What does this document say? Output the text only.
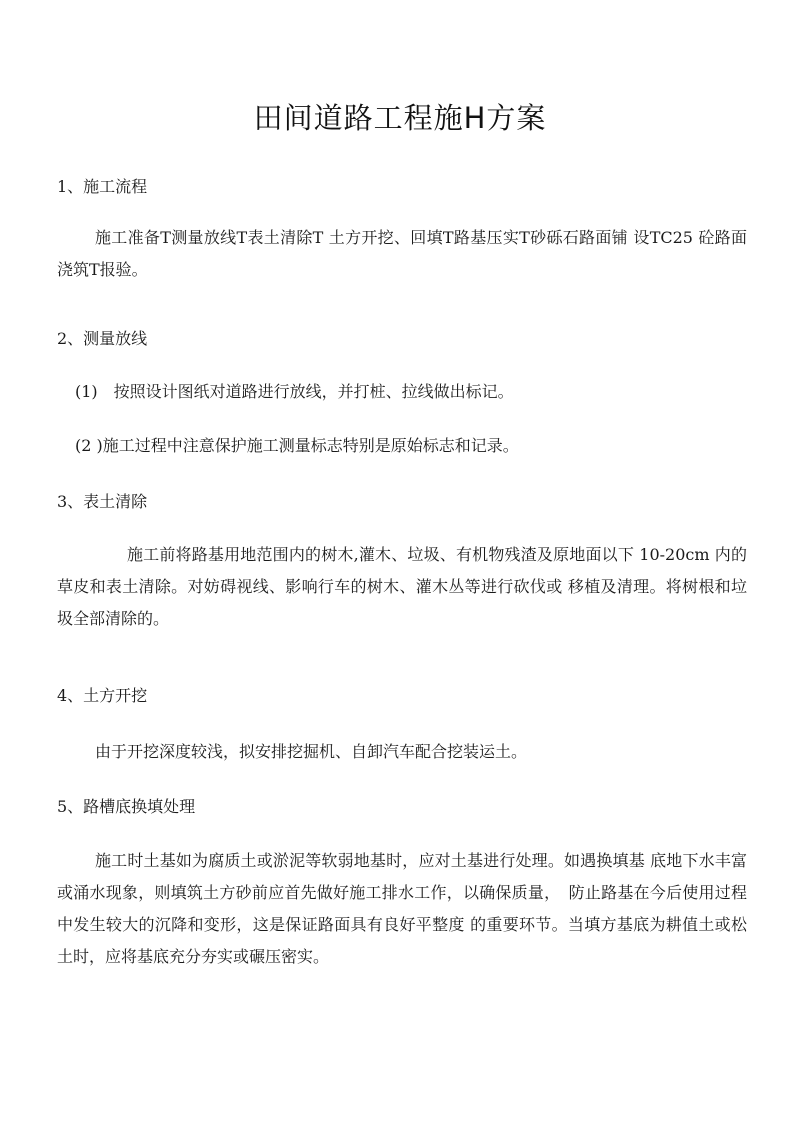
田间道路工程施H方案
1、施工流程
施工准备T测量放线T表土清除T 土方开挖、回填T路基压实T砂砾石路面铺 设TC25 砼路面浇筑T报验。
2、测量放线
(1)　按照设计图纸对道路进行放线，并打桩、拉线做出标记。
(2 )施工过程中注意保护施工测量标志特别是原始标志和记录。
3、表土清除
施工前将路基用地范围内的树木,灌木、垃圾、有机物残渣及原地面以下 10-20cm 内的草皮和表土清除。对妨碍视线、影响行车的树木、灌木丛等进行砍伐或 移植及清理。将树根和垃圾全部清除的。
4、土方开挖
由于开挖深度较浅，拟安排挖掘机、自卸汽车配合挖装运土。
5、路槽底换填处理
施工时土基如为腐质土或淤泥等软弱地基时，应对土基进行处理。如遇换填基 底地下水丰富或涌水现象，则填筑土方砂前应首先做好施工排水工作，以确保质量，　防止路基在今后使用过程中发生较大的沉降和变形，这是保证路面具有良好平整度 的重要环节。当填方基底为耕值土或松土时，应将基底充分夯实或碾压密实。
